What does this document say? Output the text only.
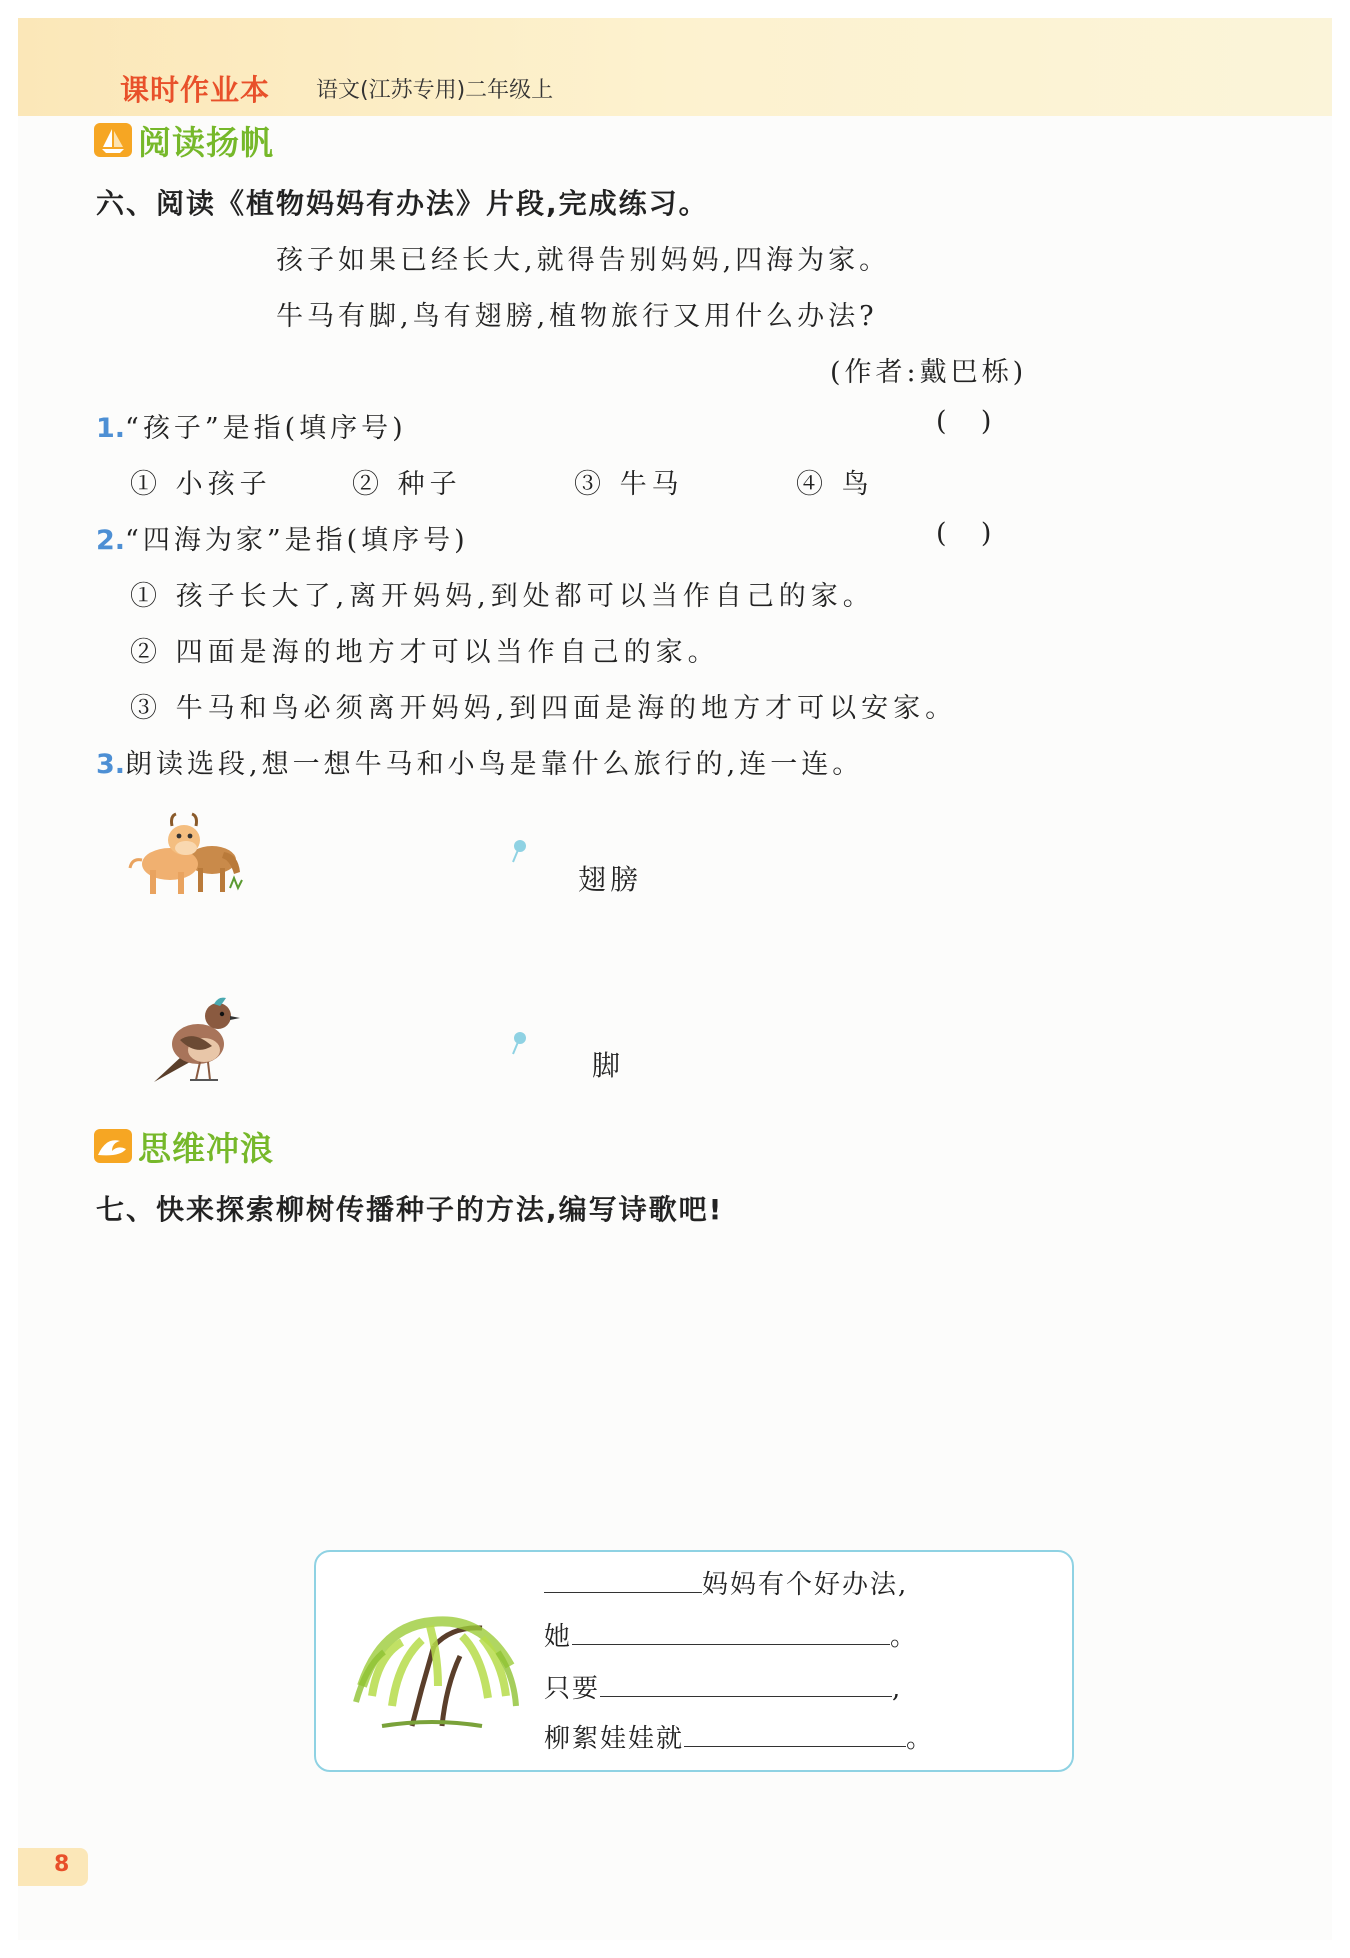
课时作业本 语文(江苏专用)二年级上
阅读扬帆
六、阅读《植物妈妈有办法》片段,完成练习。
孩子如果已经长大,就得告别妈妈,四海为家。
牛马有脚,鸟有翅膀,植物旅行又用什么办法?
(作者:戴巴栎)
1.“孩子”是指(填序号)	(    )
① 小孩子	② 种子	③ 牛马	④ 鸟
2.“四海为家”是指(填序号)	(    )
① 孩子长大了,离开妈妈,到处都可以当作自己的家。
② 四面是海的地方才可以当作自己的家。
③ 牛马和鸟必须离开妈妈,到四面是海的地方才可以安家。
3.朗读选段,想一想牛马和小鸟是靠什么旅行的,连一连。
翅膀
脚
思维冲浪
七、快来探索柳树传播种子的方法,编写诗歌吧!
妈妈有个好办法,
她	。
只要	,
柳絮娃娃就	。
8
